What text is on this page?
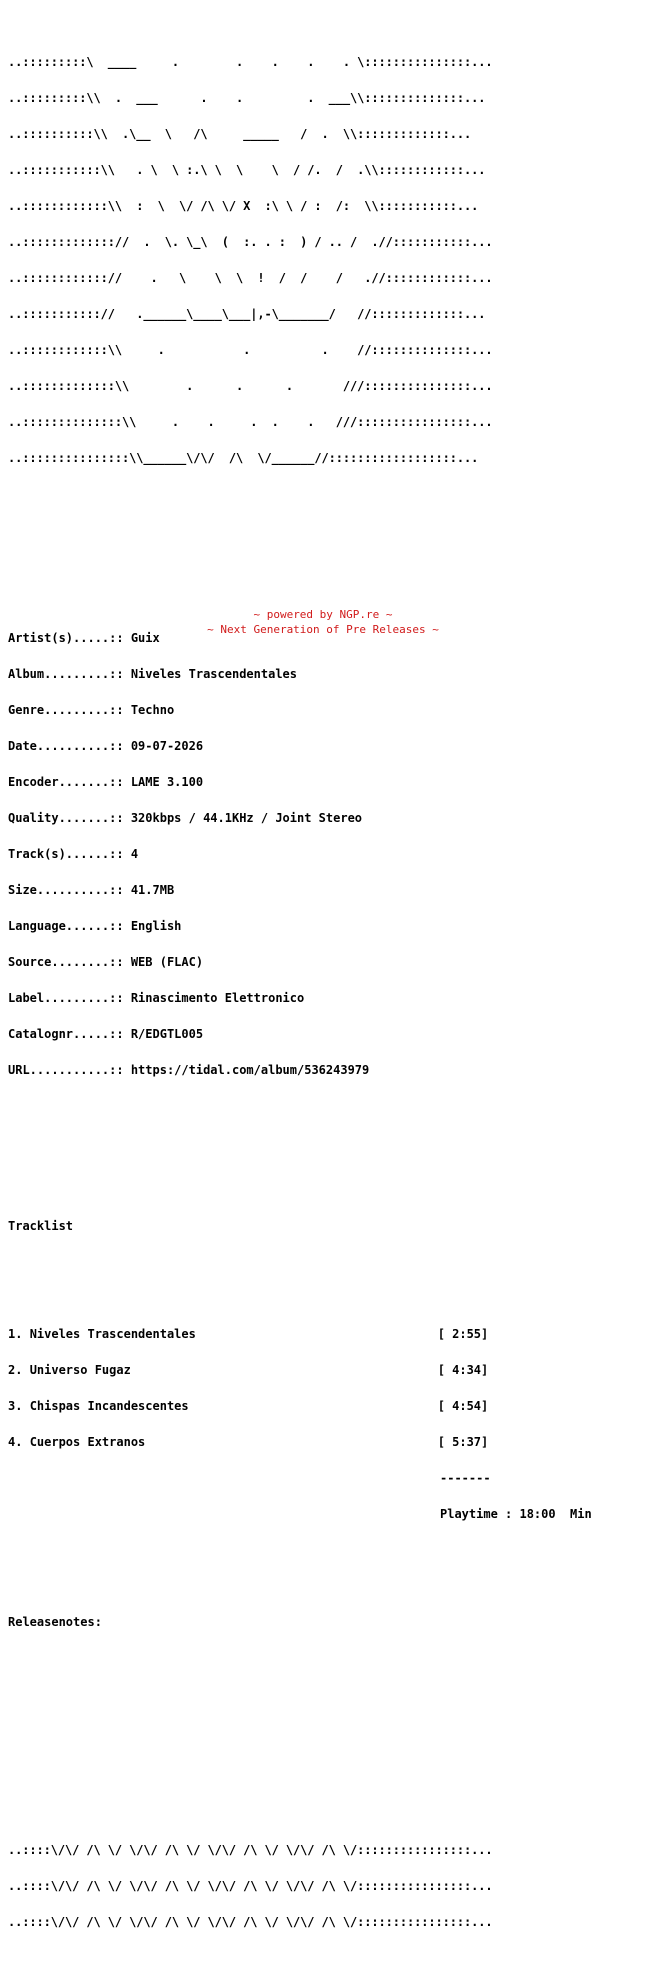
..:::::::::\  ____     .        .    .    .    . \:::::::::::::::...

..:::::::::\\  .  ___      .    .         .  ___\\::::::::::::::...

..::::::::::\\  .\__  \   /\     _____   /  .  \\:::::::::::::...

..:::::::::::\\   . \  \ :.\ \  \    \  / /.  /  .\\::::::::::::...

..::::::::::::\\  :  \  \/ /\ \/ X  :\ \ / :  /:  \\:::::::::::...

..::::::::::::://  .  \. \_\  (  :. . :  ) / .. /  .//:::::::::::...

..:::::::::::://    .   \    \  \  !  /  /    /   .//::::::::::::...

..::::::::::://   .______\____\___|,-\_______/   //:::::::::::::...

..::::::::::::\\     .           .          .    //::::::::::::::...

..:::::::::::::\\        .      .      .       ///:::::::::::::::...

..::::::::::::::\\     .    .     .  .    .   ///::::::::::::::::...

..:::::::::::::::\\______\/\/  /\  \/______//::::::::::::::::::...

Artist(s).....:: Guix

Album.........:: Niveles Trascendentales

Genre.........:: Techno

Date..........:: 09-07-2026

Encoder.......:: LAME 3.100

Quality.......:: 320kbps / 44.1KHz / Joint Stereo

Track(s)......:: 4

Size..........:: 41.7MB

Language......:: English

Source........:: WEB (FLAC)

Label.........:: Rinascimento Elettronico

Catalognr.....:: R/EDGTL005

URL...........:: https://tidal.com/album/536243979

Tracklist

1. Niveles Trascendentales	[ 2:55]

2. Universo Fugaz	[ 4:34]

3. Chispas Incandescentes	[ 4:54]

4. Cuerpos Extranos	[ 5:37]

-------

Playtime : 18:00  Min

Releasenotes:

..::::\/\/ /\ \/ \/\/ /\ \/ \/\/ /\ \/ \/\/ /\ \/::::::::::::::::...

..::::\/\/ /\ \/ \/\/ /\ \/ \/\/ /\ \/ \/\/ /\ \/::::::::::::::::...

..::::\/\/ /\ \/ \/\/ /\ \/ \/\/ /\ \/ \/\/ /\ \/::::::::::::::::...

~ powered by NGP.re ~
~ Next Generation of Pre Releases ~
